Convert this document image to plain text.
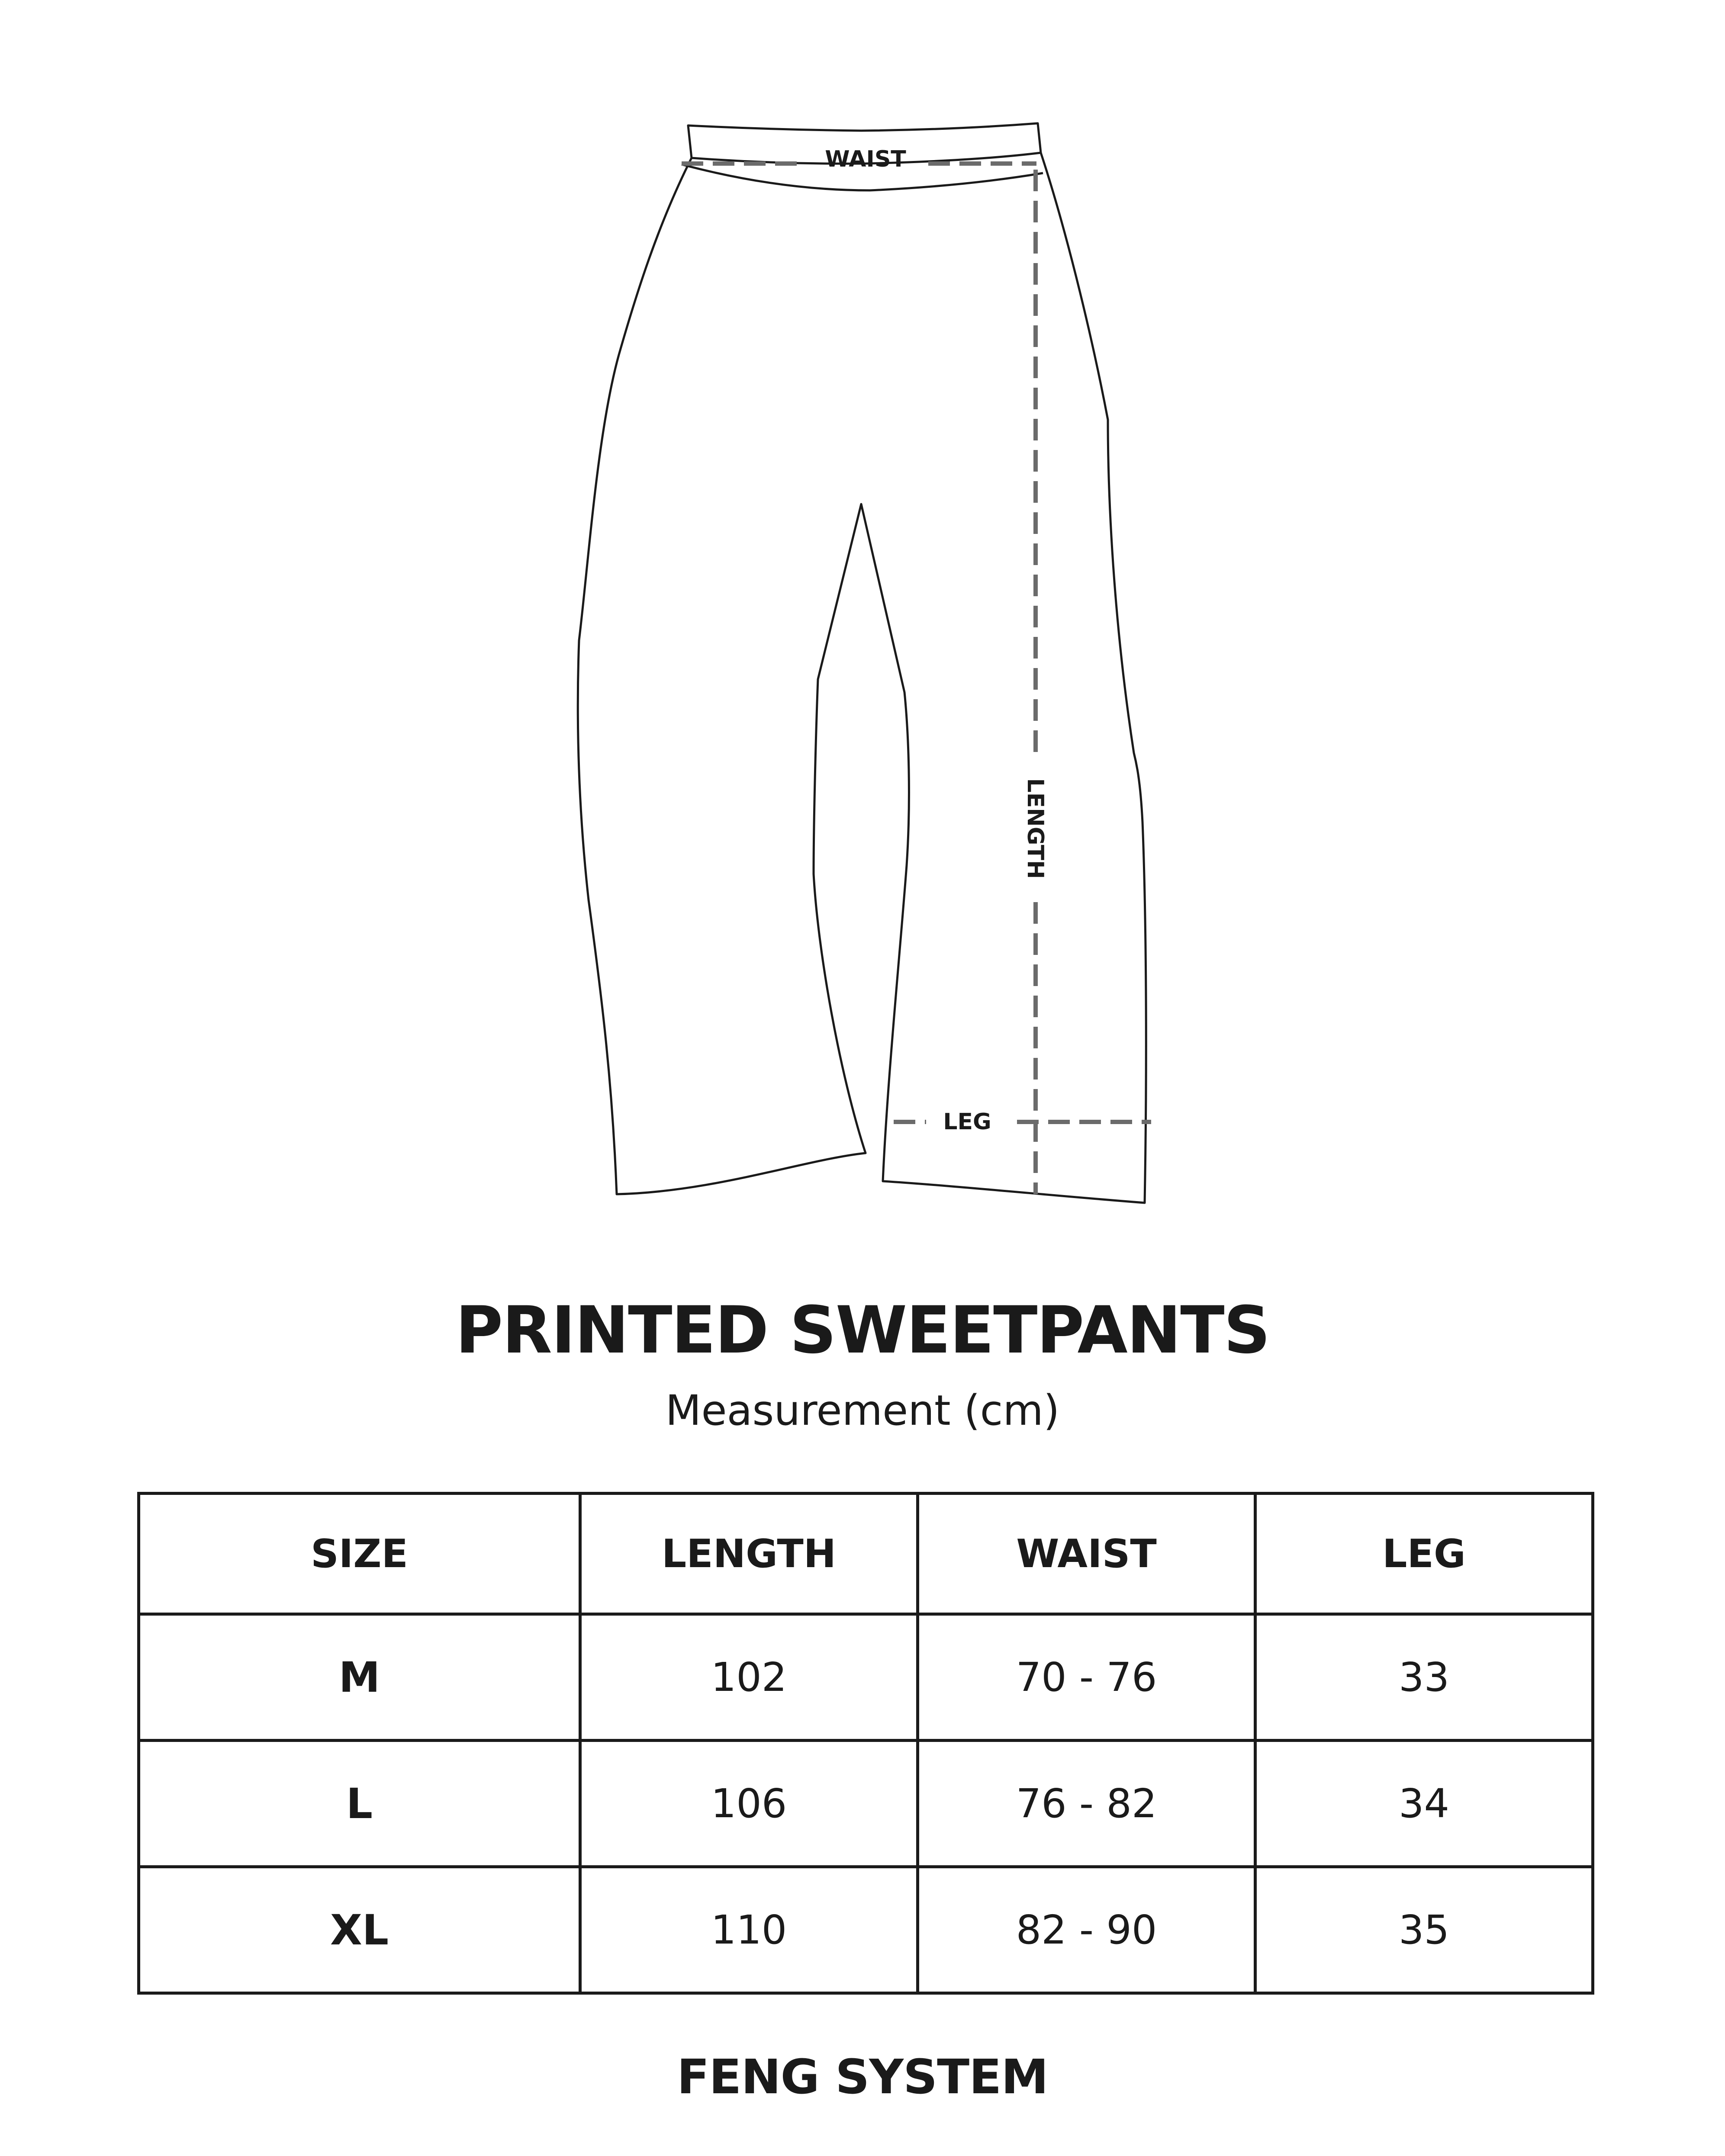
WAIST
LENGTH
LEG
PRINTED SWEETPANTS
Measurement (cm)
SIZE	LENGTH	WAIST	LEG
M	102	70 - 76	33
L	106	76 - 82	34
XL	110	82 - 90	35
FENG SYSTEM
